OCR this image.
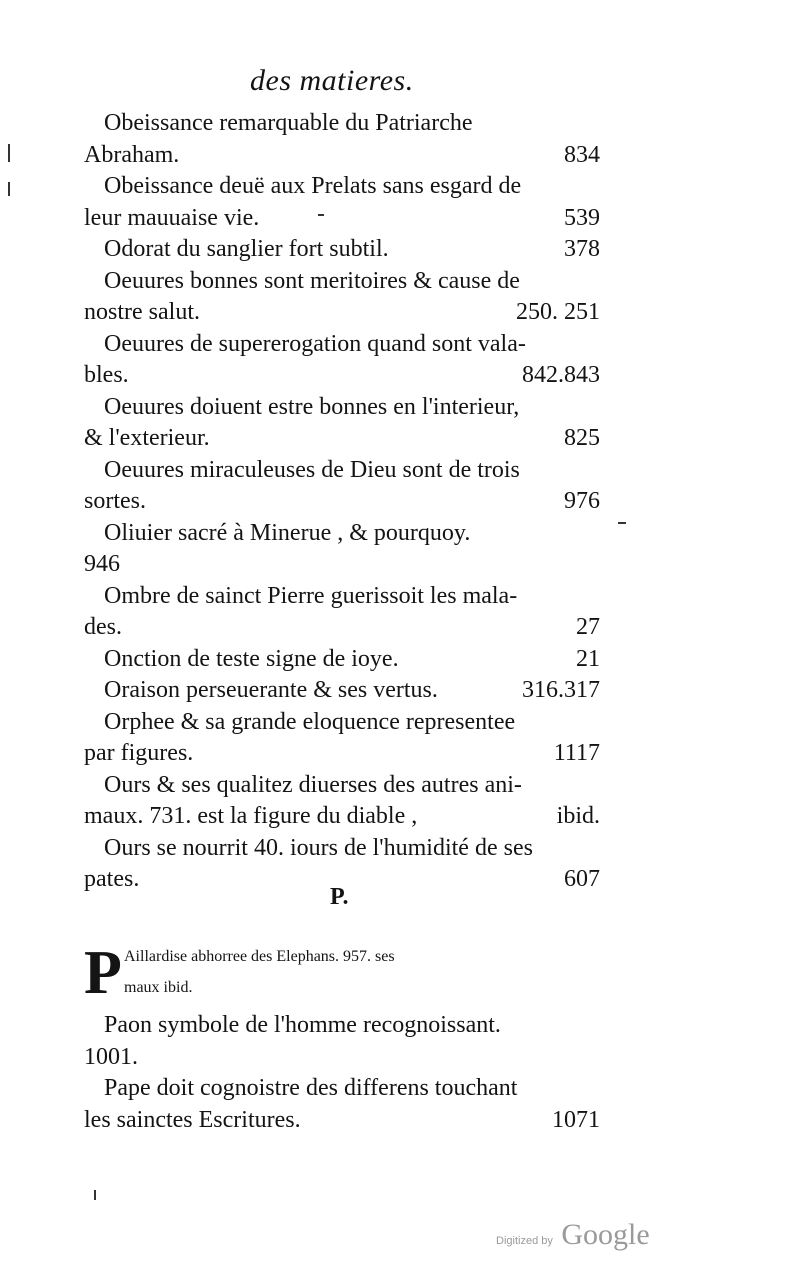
des matieres.
Obeissance remarquable du Patriarche
Abraham.	834
Obeissance deuë aux Prelats sans esgard de
leur mauuaise vie.	539
Odorat du sanglier fort subtil.	378
Oeuures bonnes sont meritoires & cause de
nostre salut.	250. 251
Oeuures de supererogation quand sont vala-
bles.	842.843
Oeuures doiuent estre bonnes en l'interieur,
& l'exterieur.	825
Oeuures miraculeuses de Dieu sont de trois
sortes.	976
Oliuier sacré à Minerue , & pourquoy.
946
Ombre de sainct Pierre guerissoit les mala-
des.	27
Onction de teste signe de ioye.	21
Oraison perseuerante & ses vertus.	316.317
Orphee & sa grande eloquence representee
par figures.	1117
Ours & ses qualitez diuerses des autres ani-
maux. 731. est la figure du diable ,	ibid.
Ours se nourrit 40. iours de l'humidité de ses
pates.	607
P.
P Aillardise abhorree des Elephans. 957. ses
maux ibid.
Paon symbole de l'homme recognoissant.
1001.
Pape doit cognoistre des differens touchant
les sainctes Escritures.	1071
Digitized by Google
